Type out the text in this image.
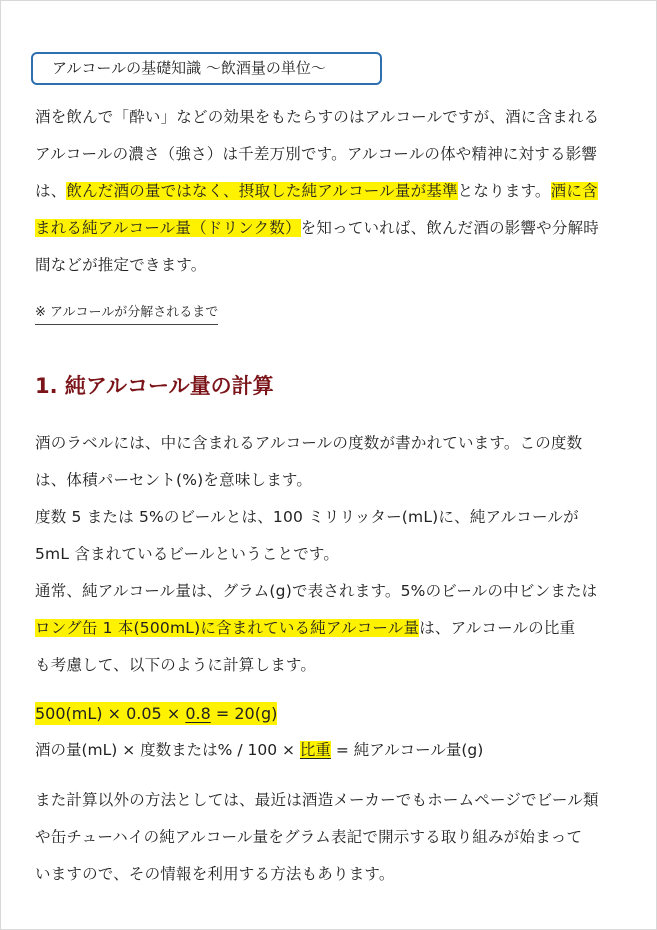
アルコールの基礎知識 〜飲酒量の単位〜
酒を飲んで「酔い」などの効果をもたらすのはアルコールですが、酒に含まれる
アルコールの濃さ（強さ）は千差万別です。アルコールの体や精神に対する影響
は、飲んだ酒の量ではなく、摂取した純アルコール量が基準となります。酒に含
まれる純アルコール量（ドリンク数）を知っていれば、飲んだ酒の影響や分解時
間などが推定できます。
※ アルコールが分解されるまで
1. 純アルコール量の計算
酒のラベルには、中に含まれるアルコールの度数が書かれています。この度数
は、体積パーセント(%)を意味します。
度数 5 または 5%のビールとは、100 ミリリッター(mL)に、純アルコールが
5mL 含まれているビールということです。
通常、純アルコール量は、グラム(g)で表されます。5%のビールの中ビンまたは
ロング缶 1 本(500mL)に含まれている純アルコール量は、アルコールの比重
も考慮して、以下のように計算します。
500(mL) × 0.05 × 0.8 = 20(g)
酒の量(mL) × 度数または% / 100 × 比重 = 純アルコール量(g)
また計算以外の方法としては、最近は酒造メーカーでもホームページでビール類
や缶チューハイの純アルコール量をグラム表記で開示する取り組みが始まって
いますので、その情報を利用する方法もあります。
